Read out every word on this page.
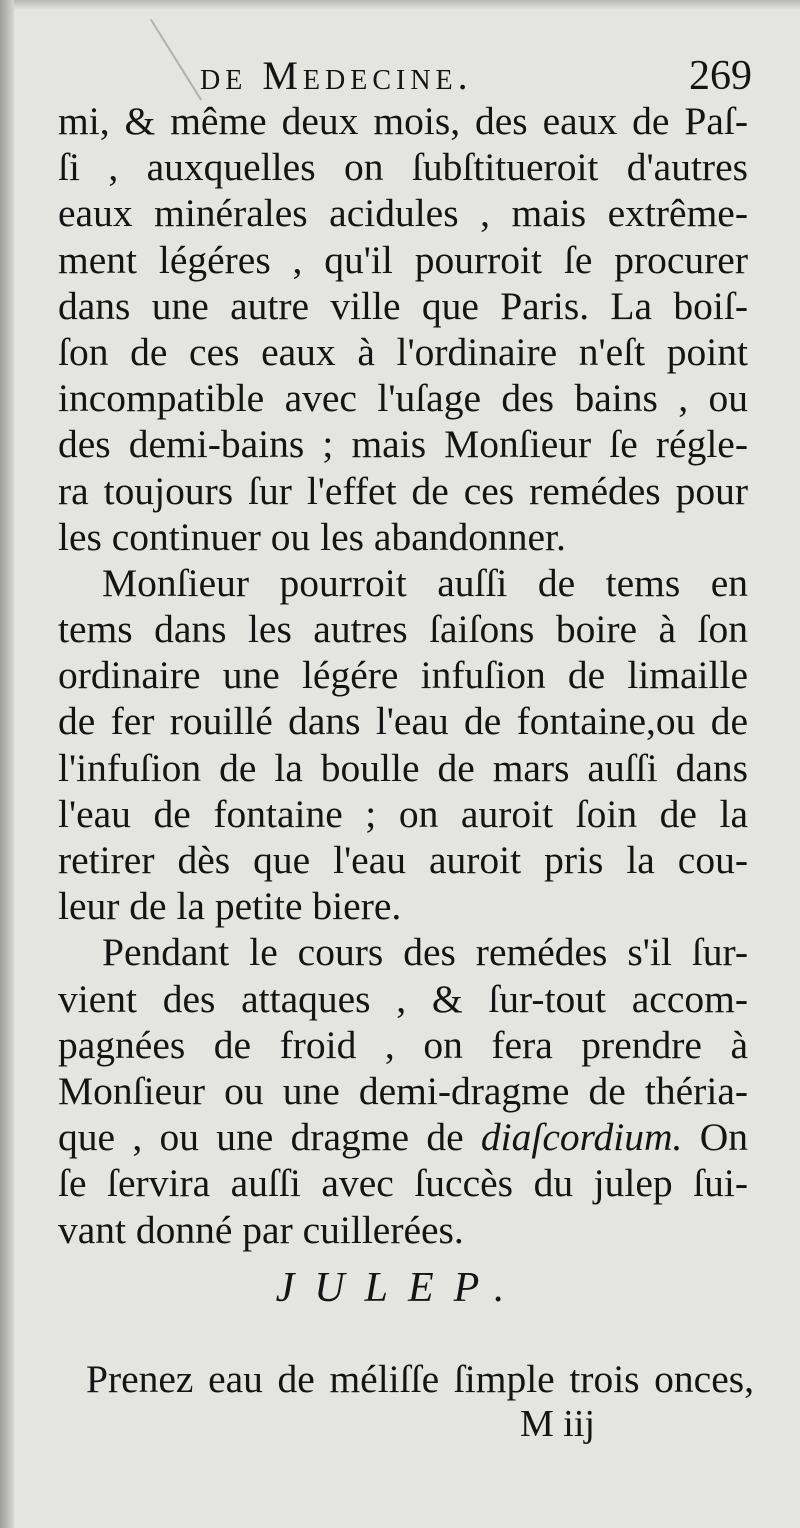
de Medecine.	269
mi, & même deux mois, des eaux de Paſ-
ſi , auxquelles on ſubſtitueroit d'autres
eaux minérales acidules , mais extrême-
ment légéres , qu'il pourroit ſe procurer
dans une autre ville que Paris. La boiſ-
ſon de ces eaux à l'ordinaire n'eſt point
incompatible avec l'uſage des bains , ou
des demi-bains ; mais Monſieur ſe régle-
ra toujours ſur l'effet de ces remédes pour
les continuer ou les abandonner.
Monſieur pourroit auſſi de tems en
tems dans les autres ſaiſons boire à ſon
ordinaire une légére infuſion de limaille
de fer rouillé dans l'eau de fontaine,ou de
l'infuſion de la boulle de mars auſſi dans
l'eau de fontaine ; on auroit ſoin de la
retirer dès que l'eau auroit pris la cou-
leur de la petite biere.
Pendant le cours des remédes s'il ſur-
vient des attaques , & ſur-tout accom-
pagnées de froid , on fera prendre à
Monſieur ou une demi-dragme de thériа-
que , ou une dragme de diaſcordium. On
ſe ſervira auſſi avec ſuccès du julep ſui-
vant donné par cuillerées.
JULEP.
Prenez eau de méliſſe ſimple trois onces,
M iij
